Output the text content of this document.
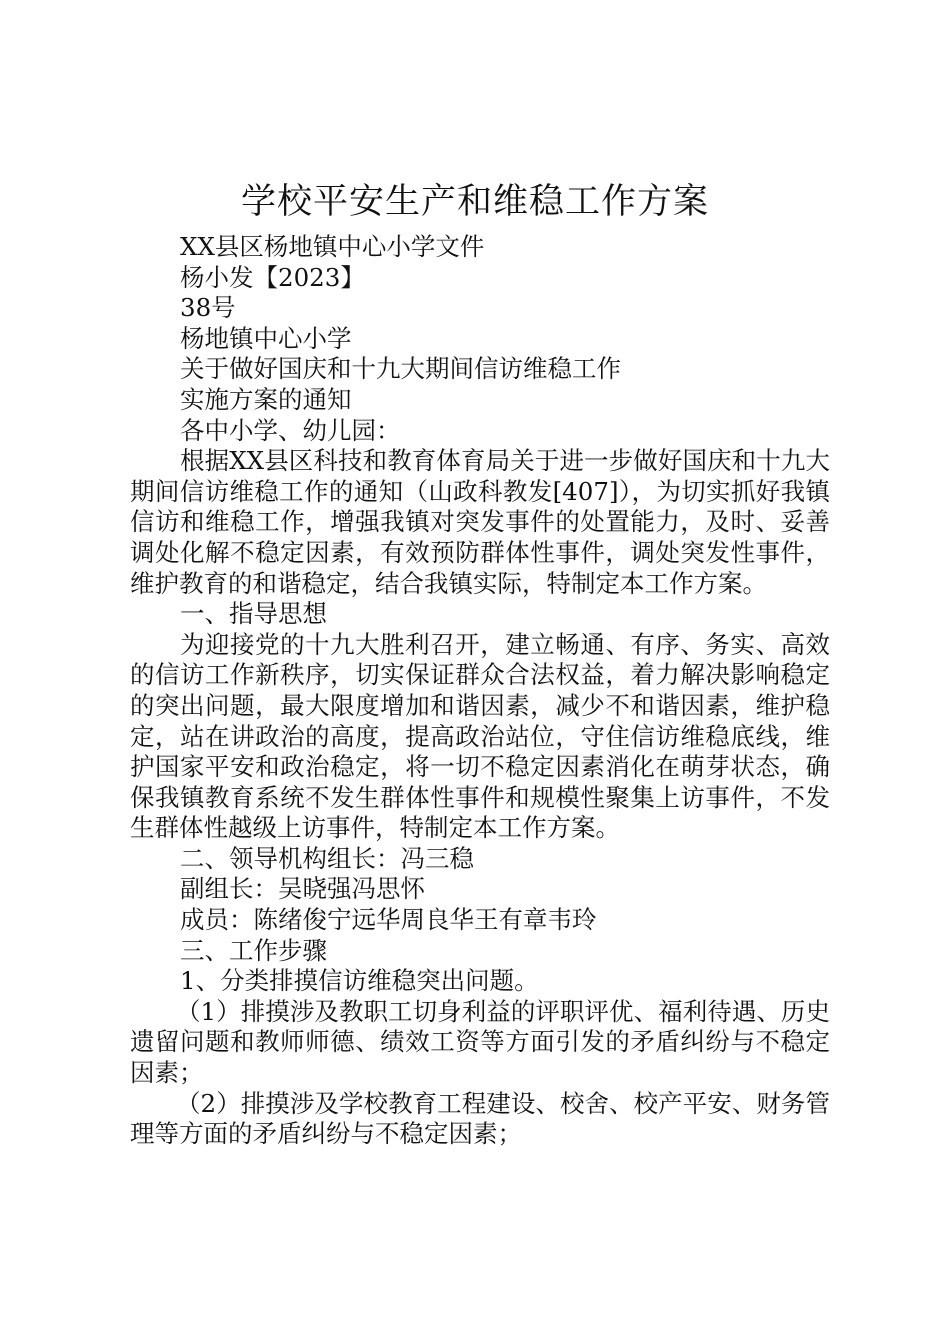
学校平安生产和维稳工作方案
XX县区杨地镇中心小学文件
杨小发【2023】
38号
杨地镇中心小学
关于做好国庆和十九大期间信访维稳工作
实施方案的通知
各中小学、幼儿园：

根据XX县区科技和教育体育局关于进一步做好国庆和十九大期间信访维稳工作的通知（山政科教发[407]），为切实抓好我镇信访和维稳工作，增强我镇对突发事件的处置能力，及时、妥善调处化解不稳定因素，有效预防群体性事件，调处突发性事件，维护教育的和谐稳定，结合我镇实际，特制定本工作方案。

一、指导思想

为迎接党的十九大胜利召开，建立畅通、有序、务实、高效的信访工作新秩序，切实保证群众合法权益，着力解决影响稳定的突出问题，最大限度增加和谐因素，减少不和谐因素，维护稳定，站在讲政治的高度，提高政治站位，守住信访维稳底线，维护国家平安和政治稳定，将一切不稳定因素消化在萌芽状态，确保我镇教育系统不发生群体性事件和规模性聚集上访事件，不发生群体性越级上访事件，特制定本工作方案。

二、领导机构组长：冯三稳
副组长：吴晓强冯思怀
成员：陈绪俊宁远华周良华王有章韦玲
三、工作步骤
1、分类排摸信访维稳突出问题。

（1）排摸涉及教职工切身利益的评职评优、福利待遇、历史遗留问题和教师师德、绩效工资等方面引发的矛盾纠纷与不稳定因素；

（2）排摸涉及学校教育工程建设、校舍、校产平安、财务管理等方面的矛盾纠纷与不稳定因素；
